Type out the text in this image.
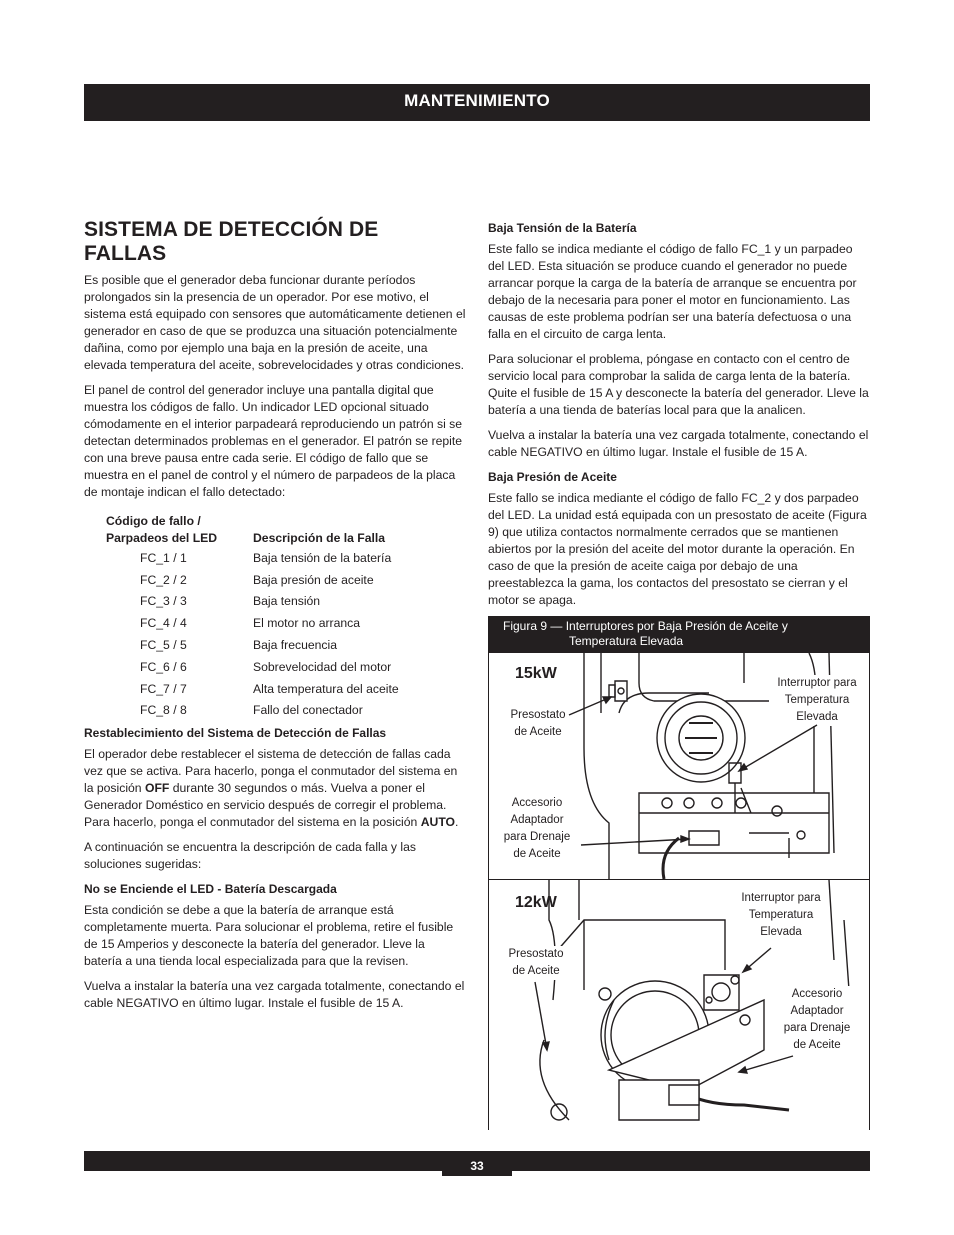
MANTENIMIENTO
SISTEMA DE DETECCIÓN DE FALLAS

Es posible que el generador deba funcionar durante períodos prolongados sin la presencia de un operador. Por ese motivo, el sistema está equipado con sensores que automáticamente detienen el generador en caso de que se produzca una situación potencialmente dañina, como por ejemplo una baja en la presión de aceite, una elevada temperatura del aceite, sobrevelocidades y otras condiciones.

El panel de control del generador incluye una pantalla digital que muestra los códigos de fallo. Un indicador LED opcional situado cómodamente en el interior parpadeará reproduciendo un patrón si se detectan determinados problemas en el generador. El patrón se repite con una breve pausa entre cada serie. El código de fallo que se muestra en el panel de control y el número de parpadeos de la placa de montaje indican el fallo detectado:

Código de fallo /
Parpadeos del LED	Descripción de la Falla
FC_1 / 1	Baja tensión de la batería
FC_2 / 2	Baja presión de aceite
FC_3 / 3	Baja tensión
FC_4 / 4	El motor no arranca
FC_5 / 5	Baja frecuencia
FC_6 / 6	Sobrevelocidad del motor
FC_7 / 7	Alta temperatura del aceite
FC_8 / 8	Fallo del conectador
Restablecimiento del Sistema de Detección de Fallas

El operador debe restablecer el sistema de detección de fallas cada vez que se activa. Para hacerlo, ponga el conmutador del sistema en la posición OFF durante 30 segundos o más. Vuelva a poner el Generador Doméstico en servicio después de corregir el problema. Para hacerlo, ponga el conmutador del sistema en la posición AUTO.

A continuación se encuentra la descripción de cada falla y las soluciones sugeridas:

No se Enciende el LED - Batería Descargada

Esta condición se debe a que la batería de arranque está completamente muerta. Para solucionar el problema, retire el fusible de 15 Amperios y desconecte la batería del generador. Lleve la batería a una tienda local especializada para que la revisen.

Vuelva a instalar la batería una vez cargada totalmente, conectando el cable NEGATIVO en último lugar. Instale el fusible de 15 A.

Baja Tensión de la Batería

Este fallo se indica mediante el código de fallo FC_1 y un parpadeo del LED. Esta situación se produce cuando el generador no puede arrancar porque la carga de la batería de arranque se encuentra por debajo de la necesaria para poner el motor en funcionamiento. Las causas de este problema podrían ser una batería defectuosa o una falla en el circuito de carga lenta.

Para solucionar el problema, póngase en contacto con el centro de servicio local para comprobar la salida de carga lenta de la batería. Quite el fusible de 15 A y desconecte la batería del generador. Lleve la batería a una tienda de baterías local para que la analicen.

Vuelva a instalar la batería una vez cargada totalmente, conectando el cable NEGATIVO en último lugar. Instale el fusible de 15 A.

Baja Presión de Aceite

Este fallo se indica mediante el código de fallo FC_2 y dos parpadeo del LED. La unidad está equipada con un presostato de aceite (Figura 9) que utiliza contactos normalmente cerrados que se mantienen abiertos por la presión del aceite del motor durante la operación. En caso de que la presión de aceite caiga por debajo de una preestablezca la gama, los contactos del presostato se cierran y el motor se apaga.

Figura 9 — Interruptores por Baja Presión de Aceite y
Temperatura Elevada
15kW
Presostato
de Aceite
Interruptor para
Temperatura
Elevada
Accesorio
Adaptador
para Drenaje
de Aceite
12kW
Presostato
de Aceite
Interruptor para
Temperatura
Elevada
Accesorio
Adaptador
para Drenaje
de Aceite
33
